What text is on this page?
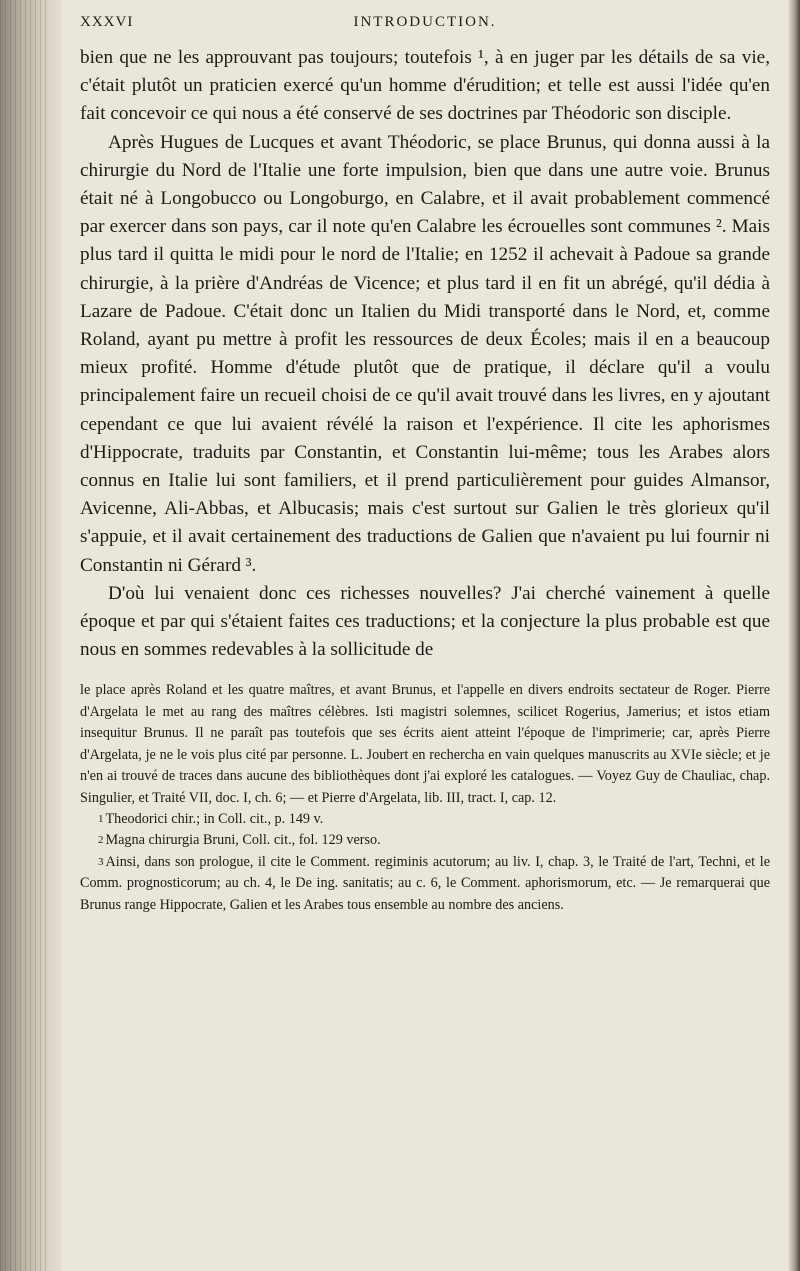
XXXVI	INTRODUCTION.

bien que ne les approuvant pas toujours; toutefois ¹, à en juger par les détails de sa vie, c'était plutôt un praticien exercé qu'un homme d'érudition; et telle est aussi l'idée qu'en fait concevoir ce qui nous a été conservé de ses doctrines par Théodoric son disciple.

Après Hugues de Lucques et avant Théodoric, se place Brunus, qui donna aussi à la chirurgie du Nord de l'Italie une forte impulsion, bien que dans une autre voie. Brunus était né à Longobucco ou Longoburgo, en Calabre, et il avait probablement commencé par exercer dans son pays, car il note qu'en Calabre les écrouelles sont communes ². Mais plus tard il quitta le midi pour le nord de l'Italie; en 1252 il achevait à Padoue sa grande chirurgie, à la prière d'Andréas de Vicence; et plus tard il en fit un abrégé, qu'il dédia à Lazare de Padoue. C'était donc un Italien du Midi transporté dans le Nord, et, comme Roland, ayant pu mettre à profit les ressources de deux Écoles; mais il en a beaucoup mieux profité. Homme d'étude plutôt que de pratique, il déclare qu'il a voulu principalement faire un recueil choisi de ce qu'il avait trouvé dans les livres, en y ajoutant cependant ce que lui avaient révélé la raison et l'expérience. Il cite les aphorismes d'Hippocrate, traduits par Constantin, et Constantin lui-même; tous les Arabes alors connus en Italie lui sont familiers, et il prend particulièrement pour guides Almansor, Avicenne, Ali-Abbas, et Albucasis; mais c'est surtout sur Galien le très glorieux qu'il s'appuie, et il avait certainement des traductions de Galien que n'avaient pu lui fournir ni Constantin ni Gérard ³.

D'où lui venaient donc ces richesses nouvelles? J'ai cherché vainement à quelle époque et par qui s'étaient faites ces traductions; et la conjecture la plus probable est que nous en sommes redevables à la sollicitude de

le place après Roland et les quatre maîtres, et avant Brunus, et l'appelle en divers endroits sectateur de Roger. Pierre d'Argelata le met au rang des maîtres célèbres. Isti magistri solemnes, scilicet Rogerius, Jamerius; et istos etiam insequitur Brunus. Il ne paraît pas toutefois que ses écrits aient atteint l'époque de l'imprimerie; car, après Pierre d'Argelata, je ne le vois plus cité par personne. L. Joubert en rechercha en vain quelques manuscrits au XVIe siècle; et je n'en ai trouvé de traces dans aucune des bibliothèques dont j'ai exploré les catalogues. — Voyez Guy de Chauliac, chap. Singulier, et Traité VII, doc. I, ch. 6; — et Pierre d'Argelata, lib. III, tract. I, cap. 12.

$^1$ Theodorici chir.; in Coll. cit., p. 149 v.

$^2$ Magna chirurgia Bruni, Coll. cit., fol. 129 verso.

$^3$ Ainsi, dans son prologue, il cite le Comment. regiminis acutorum; au liv. I, chap. 3, le Traité de l'art, Techni, et le Comm. prognosticorum; au ch. 4, le De ing. sanitatis; au c. 6, le Comment. aphorismorum, etc. — Je remarquerai que Brunus range Hippocrate, Galien et les Arabes tous ensemble au nombre des anciens.
